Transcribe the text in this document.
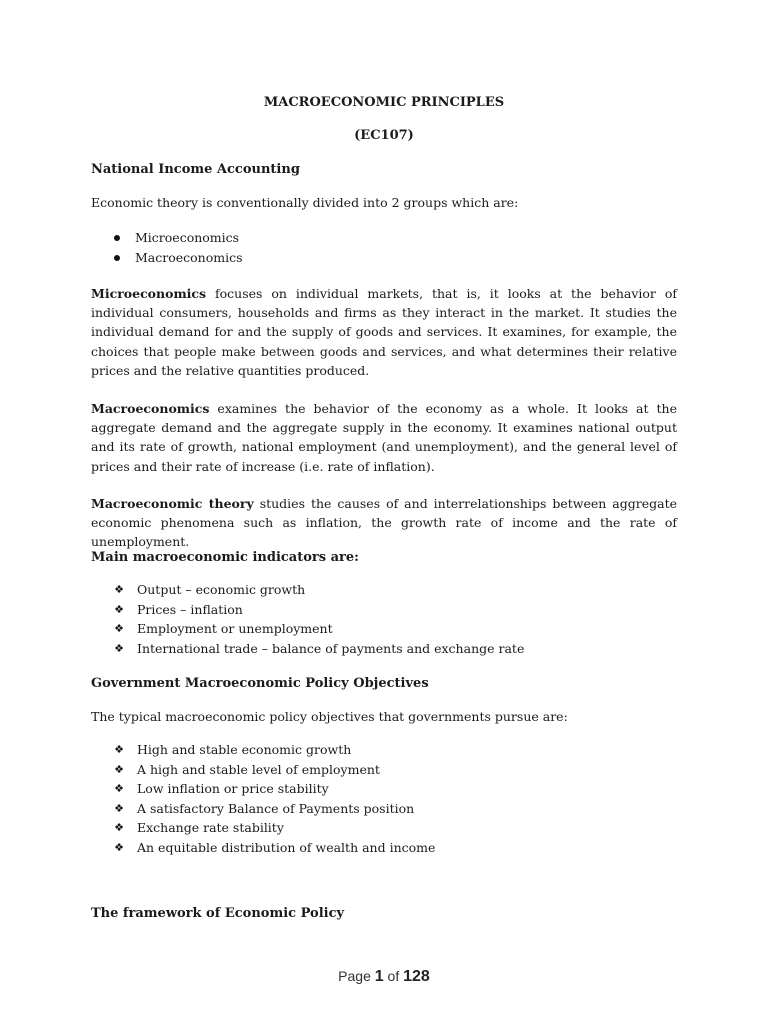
MACROECONOMIC PRINCIPLES

(EC107)

National Income Accounting

Economic theory is conventionally divided into 2 groups which are:

Microeconomics
Macroeconomics

Microeconomics focuses on individual markets, that is, it looks at the behavior of individual consumers, households and firms as they interact in the market. It studies the individual demand for and the supply of goods and services. It examines, for example, the choices that people make between goods and services, and what determines their relative prices and the relative quantities produced.

Macroeconomics examines the behavior of the economy as a whole. It looks at the aggregate demand and the aggregate supply in the economy. It examines national output and its rate of growth, national employment (and unemployment), and the general level of prices and their rate of increase (i.e. rate of inflation).

Macroeconomic theory studies the causes of and interrelationships between aggregate economic phenomena such as inflation, the growth rate of income and the rate of unemployment.

Main macroeconomic indicators are:

❖ Output – economic growth
❖ Prices – inflation
❖ Employment or unemployment
❖ International trade – balance of payments and exchange rate

Government Macroeconomic Policy Objectives

The typical macroeconomic policy objectives that governments pursue are:

❖ High and stable economic growth
❖ A high and stable level of employment
❖ Low inflation or price stability
❖ A satisfactory Balance of Payments position
❖ Exchange rate stability
❖ An equitable distribution of wealth and income

The framework of Economic Policy

Page 1 of 128
